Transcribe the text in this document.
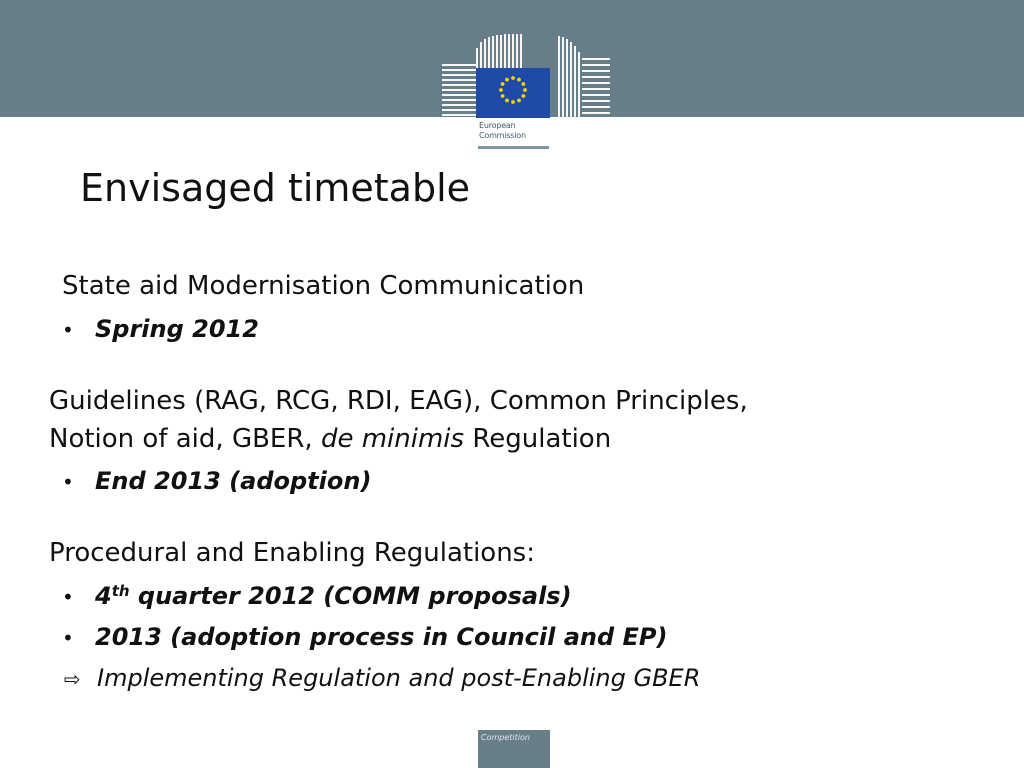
European
Commission
Envisaged timetable

State aid Modernisation Communication

• Spring 2012
Guidelines (RAG, RCG, RDI, EAG), Common Principles,
Notion of aid, GBER, de minimis Regulation
• End 2013 (adoption)

Procedural and Enabling Regulations:

• 4th quarter 2012 (COMM proposals)
• 2013 (adoption process in Council and EP)
⇨ Implementing Regulation and post-Enabling GBER
Competition
